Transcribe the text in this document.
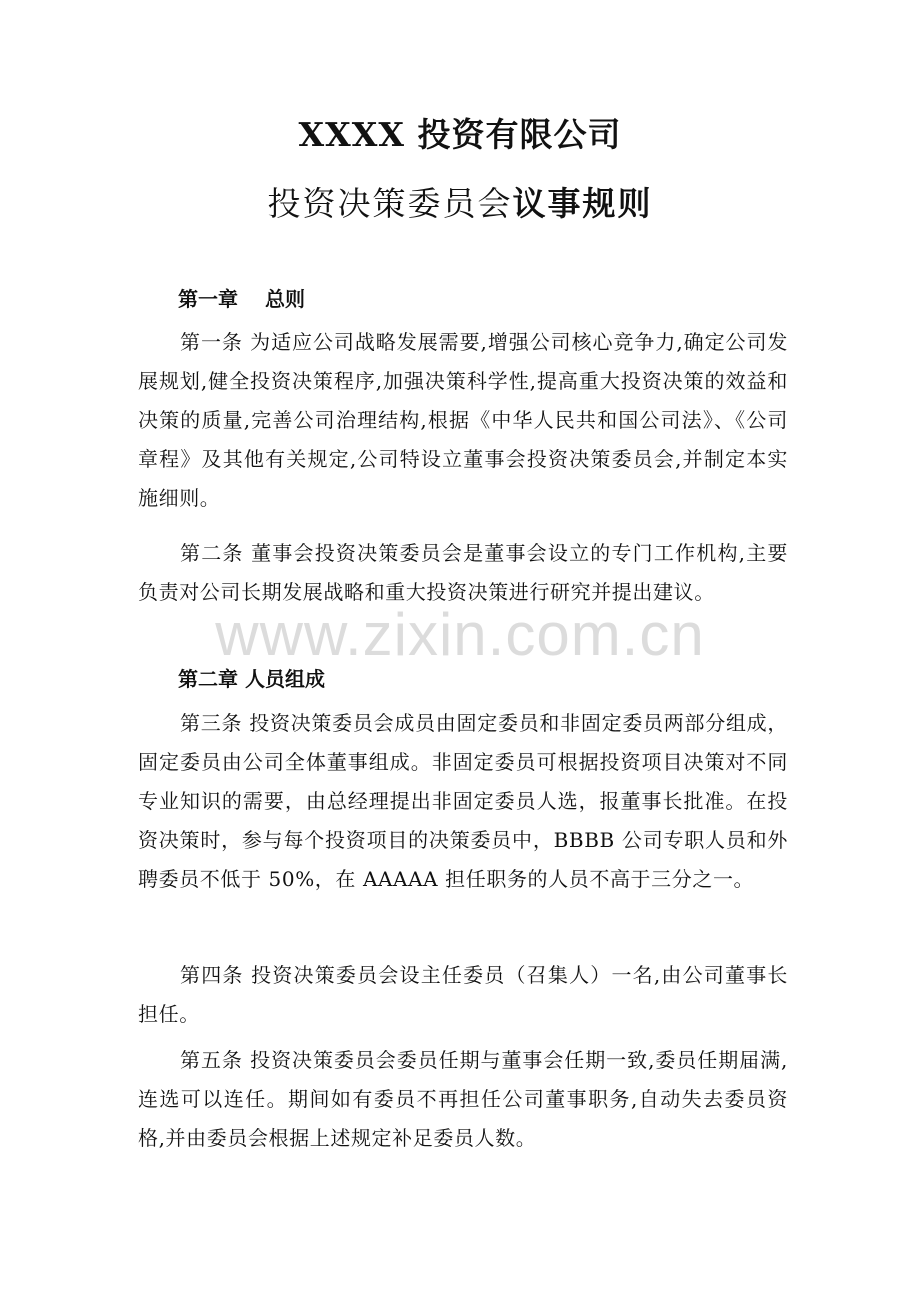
XXXX 投资有限公司
投资决策委员会议事规则
第一章　 总则

第一条 为适应公司战略发展需要,增强公司核心竞争力,确定公司发展规划,健全投资决策程序,加强决策科学性,提高重大投资决策的效益和决策的质量,完善公司治理结构,根据《中华人民共和国公司法》、《公司章程》及其他有关规定,公司特设立董事会投资决策委员会,并制定本实施细则。

第二条 董事会投资决策委员会是董事会设立的专门工作机构,主要负责对公司长期发展战略和重大投资决策进行研究并提出建议。

www.zixin.com.cn
第二章 人员组成

第三条 投资决策委员会成员由固定委员和非固定委员两部分组成，固定委员由公司全体董事组成。非固定委员可根据投资项目决策对不同专业知识的需要，由总经理提出非固定委员人选，报董事长批准。在投资决策时，参与每个投资项目的决策委员中，BBBB 公司专职人员和外聘委员不低于 50%，在 AAAAA 担任职务的人员不高于三分之一。

第四条 投资决策委员会设主任委员（召集人）一名,由公司董事长担任。

第五条 投资决策委员会委员任期与董事会任期一致,委员任期届满,连选可以连任。期间如有委员不再担任公司董事职务,自动失去委员资格,并由委员会根据上述规定补足委员人数。
